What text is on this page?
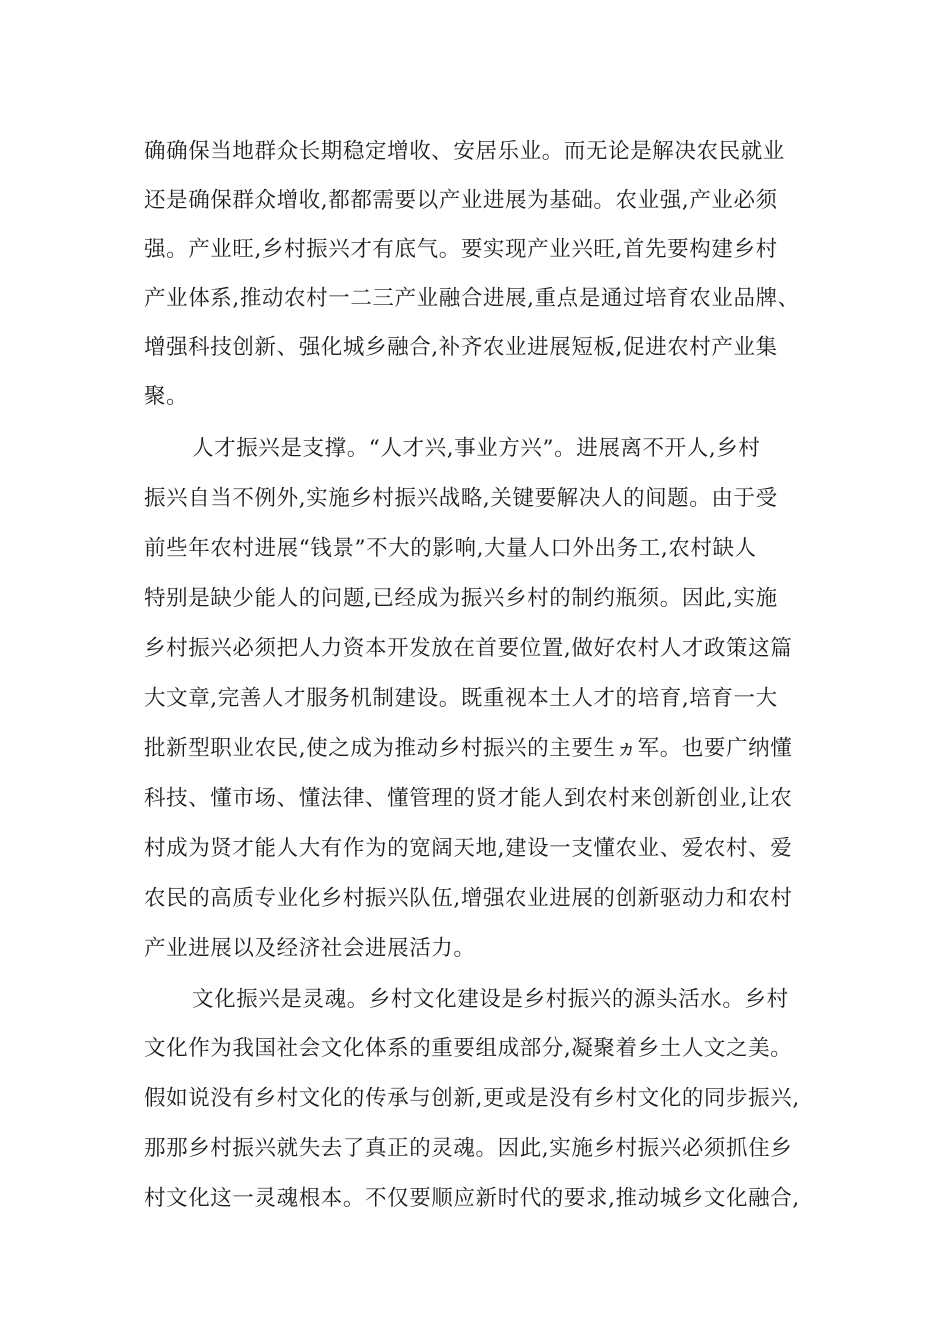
确确保当地群众长期稳定增收、安居乐业。而无论是解决农民就业
还是确保群众增收,都都需要以产业进展为基础。农业强,产业必须
强。产业旺,乡村振兴才有底气。要实现产业兴旺,首先要构建乡村
产业体系,推动农村一二三产业融合进展,重点是通过培育农业品牌、
增强科技创新、强化城乡融合,补齐农业进展短板,促进农村产业集
聚。
人才振兴是支撑。“人才兴,事业方兴”。进展离不开人,乡村
振兴自当不例外,实施乡村振兴战略,关键要解决人的间题。由于受
前些年农村进展“钱景”不大的影响,大量人口外出务工,农村缺人
特别是缺少能人的问题,已经成为振兴乡村的制约瓶须。因此,实施
乡村振兴必须把人力资本开发放在首要位置,做好农村人才政策这篇
大文章,完善人才服务机制建设。既重视本土人才的培育,培育一大
批新型职业农民,使之成为推动乡村振兴的主要生ヵ军。也要广纳懂
科技、懂市场、懂法律、懂管理的贤才能人到农村来创新创业,让农
村成为贤才能人大有作为的宽阔天地,建设一支懂农业、爱农村、爱
农民的高质专业化乡村振兴队伍,增强农业进展的创新驱动力和农村
产业进展以及经济社会进展活力。
文化振兴是灵魂。乡村文化建设是乡村振兴的源头活水。乡村
文化作为我国社会文化体系的重要组成部分,凝聚着乡土人文之美。
假如说没有乡村文化的传承与创新,更或是没有乡村文化的同步振兴,
那那乡村振兴就失去了真正的灵魂。因此,实施乡村振兴必须抓住乡
村文化这一灵魂根本。不仅要顺应新时代的要求,推动城乡文化融合,
